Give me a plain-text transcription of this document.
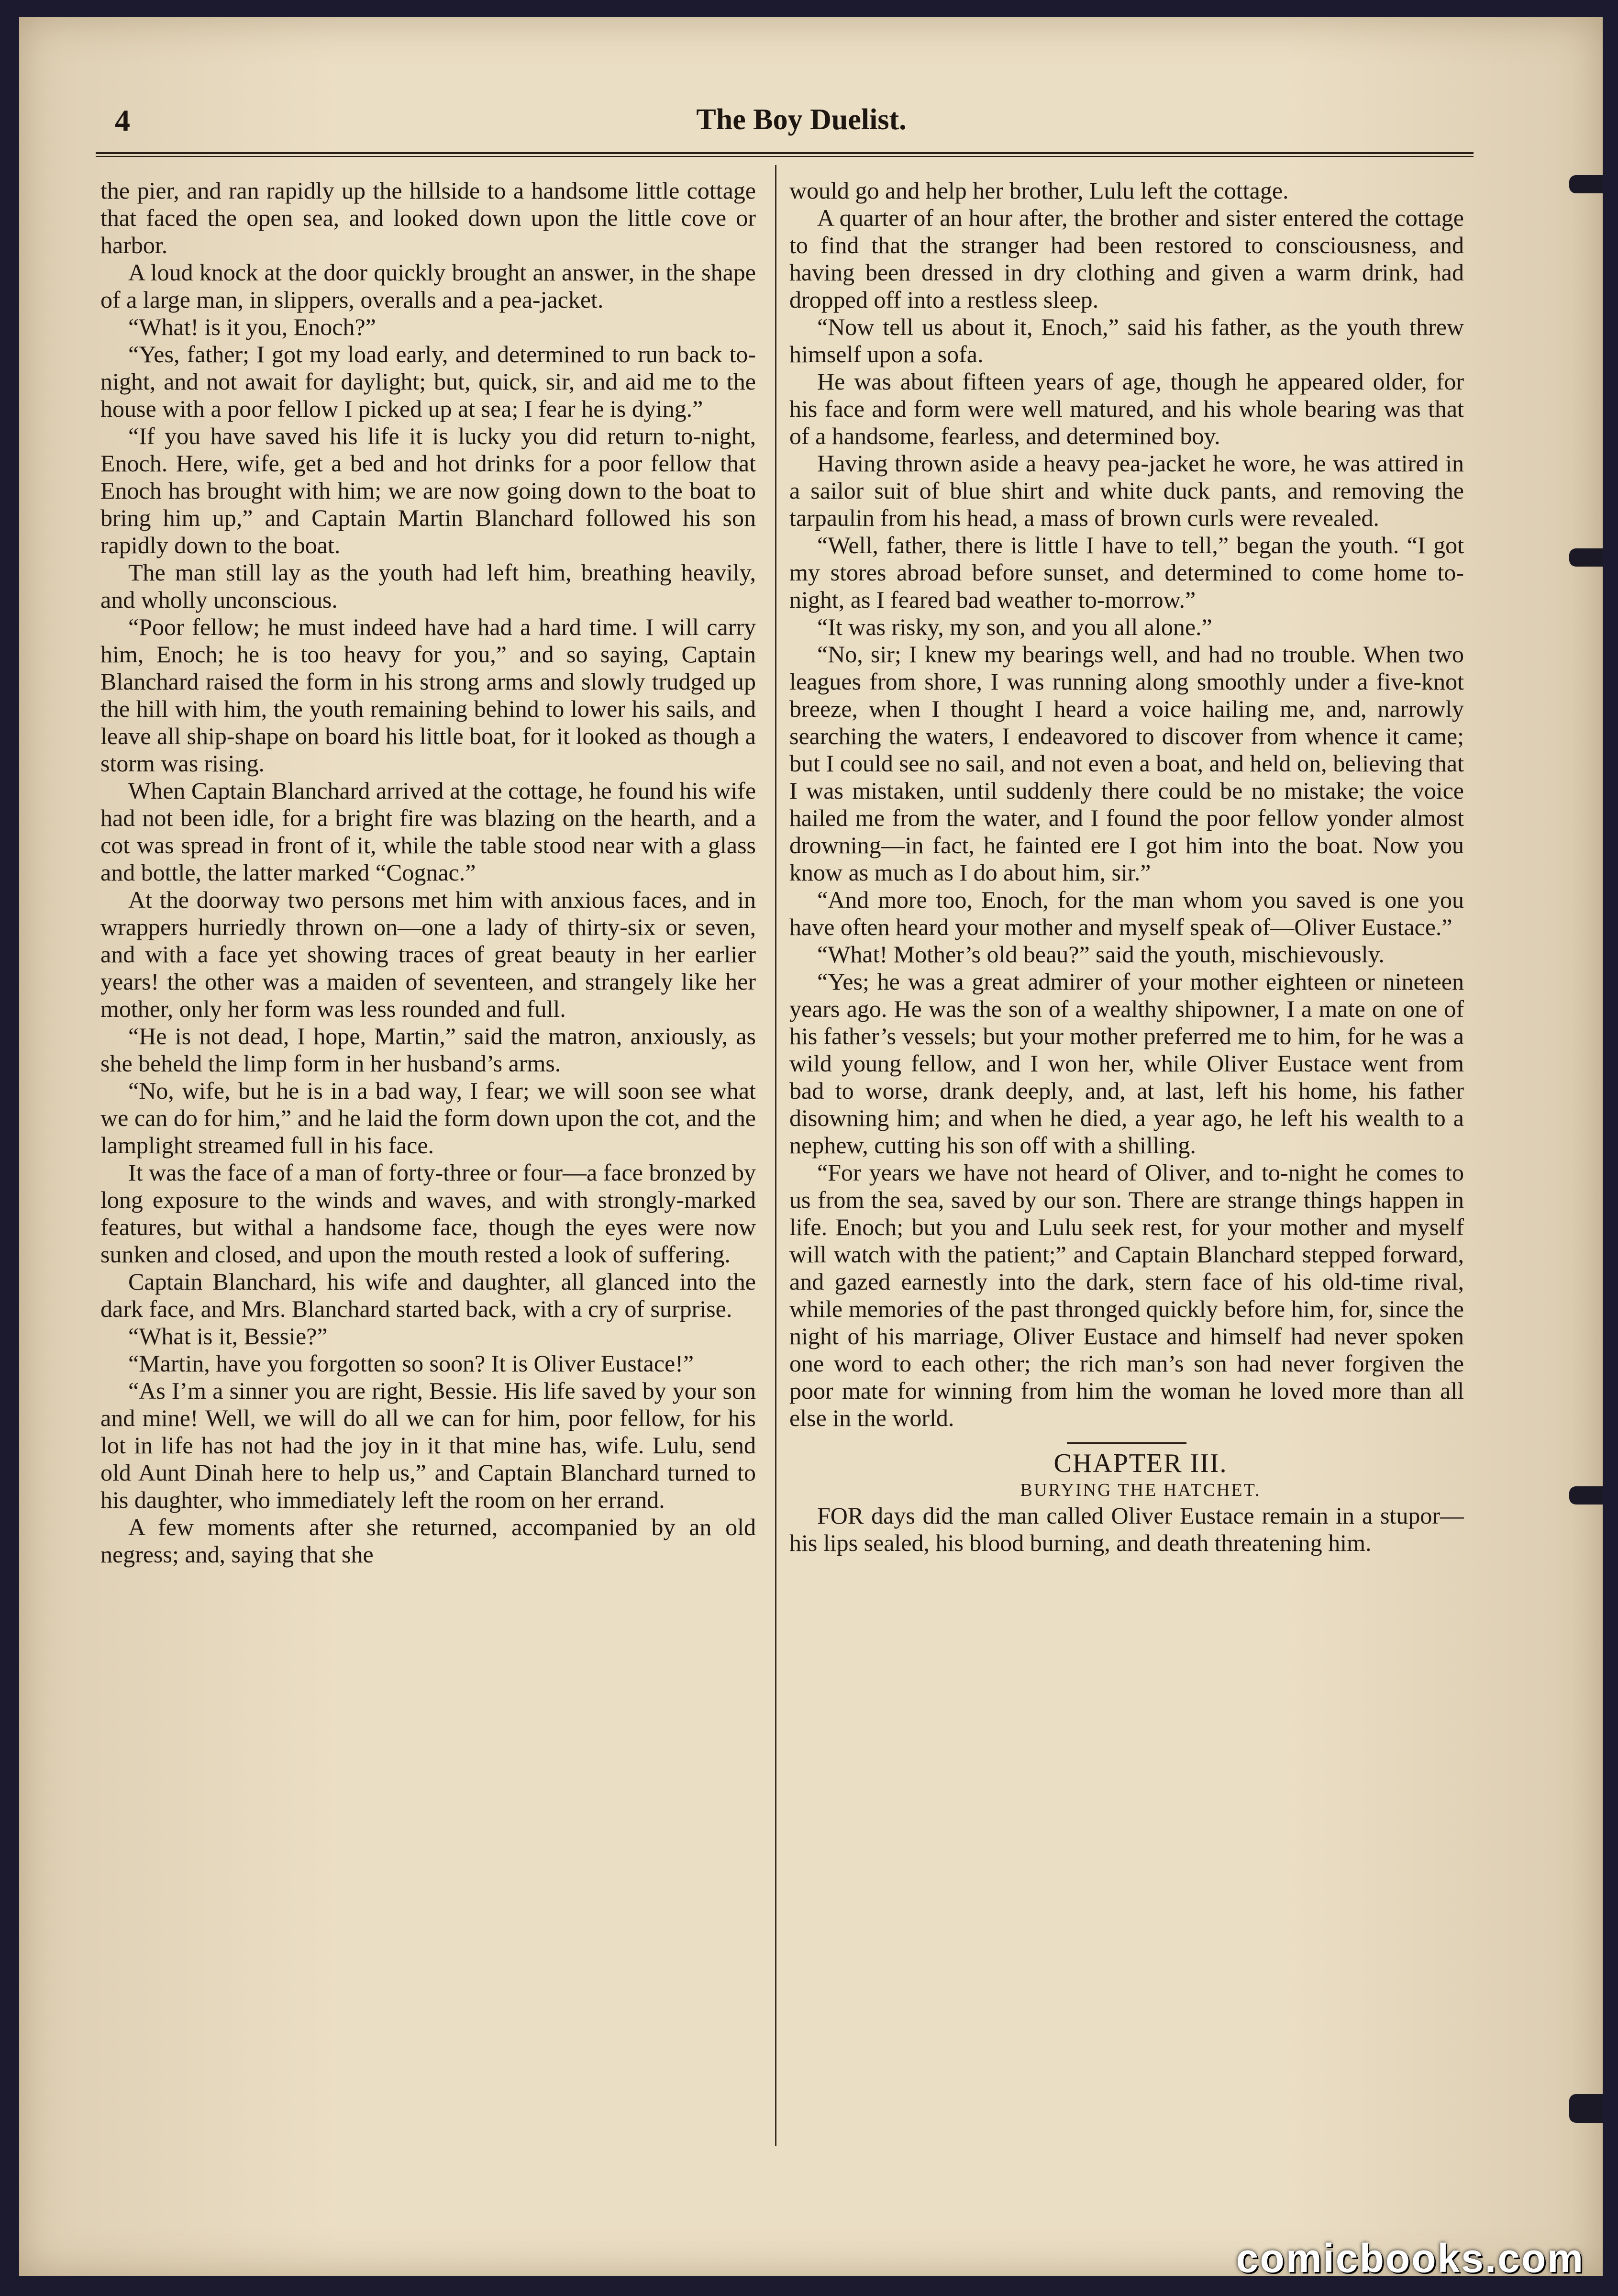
4	The Boy Duelist.

the pier, and ran rapidly up the hillside to a handsome little cottage that faced the open sea, and looked down upon the little cove or harbor.

A loud knock at the door quickly brought an answer, in the shape of a large man, in slippers, overalls and a pea-jacket.

“What! is it you, Enoch?”

“Yes, father; I got my load early, and determined to run back to-night, and not await for daylight; but, quick, sir, and aid me to the house with a poor fellow I picked up at sea; I fear he is dying.”

“If you have saved his life it is lucky you did return to-night, Enoch. Here, wife, get a bed and hot drinks for a poor fellow that Enoch has brought with him; we are now going down to the boat to bring him up,” and Captain Martin Blanchard followed his son rapidly down to the boat.

The man still lay as the youth had left him, breathing heavily, and wholly unconscious.

“Poor fellow; he must indeed have had a hard time. I will carry him, Enoch; he is too heavy for you,” and so saying, Captain Blanchard raised the form in his strong arms and slowly trudged up the hill with him, the youth remaining behind to lower his sails, and leave all ship-shape on board his little boat, for it looked as though a storm was rising.

When Captain Blanchard arrived at the cottage, he found his wife had not been idle, for a bright fire was blazing on the hearth, and a cot was spread in front of it, while the table stood near with a glass and bottle, the latter marked “Cognac.”

At the doorway two persons met him with anxious faces, and in wrappers hurriedly thrown on—one a lady of thirty-six or seven, and with a face yet showing traces of great beauty in her earlier years! the other was a maiden of seventeen, and strangely like her mother, only her form was less rounded and full.

“He is not dead, I hope, Martin,” said the matron, anxiously, as she beheld the limp form in her husband’s arms.

“No, wife, but he is in a bad way, I fear; we will soon see what we can do for him,” and he laid the form down upon the cot, and the lamplight streamed full in his face.

It was the face of a man of forty-three or four—a face bronzed by long exposure to the winds and waves, and with strongly-marked features, but withal a handsome face, though the eyes were now sunken and closed, and upon the mouth rested a look of suffering.

Captain Blanchard, his wife and daughter, all glanced into the dark face, and Mrs. Blanchard started back, with a cry of surprise.

“What is it, Bessie?”

“Martin, have you forgotten so soon? It is Oliver Eustace!”

“As I’m a sinner you are right, Bessie. His life saved by your son and mine! Well, we will do all we can for him, poor fellow, for his lot in life has not had the joy in it that mine has, wife. Lulu, send old Aunt Dinah here to help us,” and Captain Blanchard turned to his daughter, who immediately left the room on her errand.

A few moments after she returned, accompanied by an old negress; and, saying that she

would go and help her brother, Lulu left the cottage.

A quarter of an hour after, the brother and sister entered the cottage to find that the stranger had been restored to consciousness, and having been dressed in dry clothing and given a warm drink, had dropped off into a restless sleep.

“Now tell us about it, Enoch,” said his father, as the youth threw himself upon a sofa.

He was about fifteen years of age, though he appeared older, for his face and form were well matured, and his whole bearing was that of a handsome, fearless, and determined boy.

Having thrown aside a heavy pea-jacket he wore, he was attired in a sailor suit of blue shirt and white duck pants, and removing the tarpaulin from his head, a mass of brown curls were revealed.

“Well, father, there is little I have to tell,” began the youth. “I got my stores abroad before sunset, and determined to come home to-night, as I feared bad weather to-morrow.”

“It was risky, my son, and you all alone.”

“No, sir; I knew my bearings well, and had no trouble. When two leagues from shore, I was running along smoothly under a five-knot breeze, when I thought I heard a voice hailing me, and, narrowly searching the waters, I endeavored to discover from whence it came; but I could see no sail, and not even a boat, and held on, believing that I was mistaken, until suddenly there could be no mistake; the voice hailed me from the water, and I found the poor fellow yonder almost drowning—in fact, he fainted ere I got him into the boat. Now you know as much as I do about him, sir.”

“And more too, Enoch, for the man whom you saved is one you have often heard your mother and myself speak of—Oliver Eustace.”

“What! Mother’s old beau?” said the youth, mischievously.

“Yes; he was a great admirer of your mother eighteen or nineteen years ago. He was the son of a wealthy shipowner, I a mate on one of his father’s vessels; but your mother preferred me to him, for he was a wild young fellow, and I won her, while Oliver Eustace went from bad to worse, drank deeply, and, at last, left his home, his father disowning him; and when he died, a year ago, he left his wealth to a nephew, cutting his son off with a shilling.

“For years we have not heard of Oliver, and to-night he comes to us from the sea, saved by our son. There are strange things happen in life. Enoch; but you and Lulu seek rest, for your mother and myself will watch with the patient;” and Captain Blanchard stepped forward, and gazed earnestly into the dark, stern face of his old-time rival, while memories of the past thronged quickly before him, for, since the night of his marriage, Oliver Eustace and himself had never spoken one word to each other; the rich man’s son had never forgiven the poor mate for winning from him the woman he loved more than all else in the world.

CHAPTER III.

BURYING THE HATCHET.

FOR days did the man called Oliver Eustace remain in a stupor—his lips sealed, his blood burning, and death threatening him.

comicbooks.com
